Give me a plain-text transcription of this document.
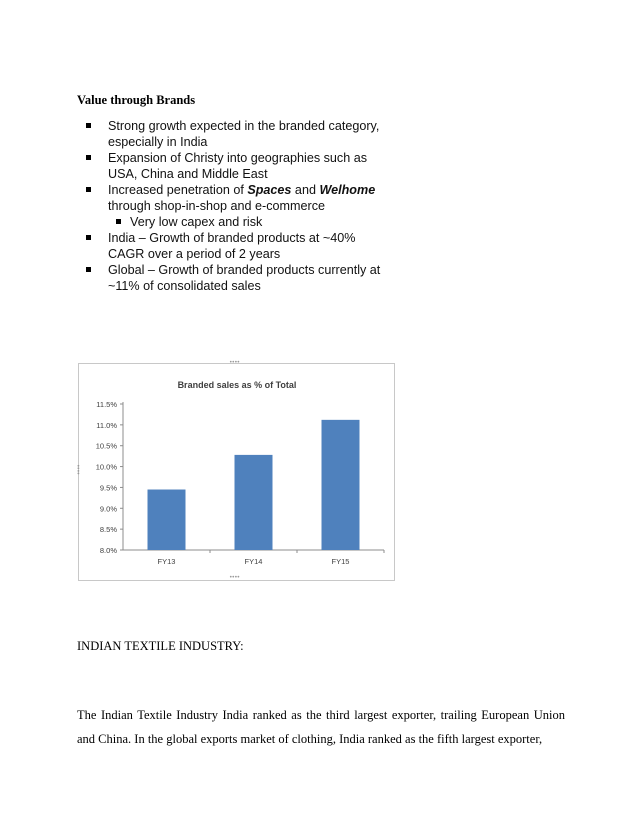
Value through Brands
Strong growth expected in the branded category, especially in India
Expansion of Christy into geographies such as USA, China and Middle East
Increased penetration of Spaces and Welhome through shop-in-shop and e-commerce
Very low capex and risk
India – Growth of branded products at ~40% CAGR over a period of 2 years
Global – Growth of branded products currently at ~11% of consolidated sales
••••
••••
••••
Branded sales as % of Total
8.0%
8.5%
9.0%
9.5%
10.0%
10.5%
11.0%
11.5%
FY13	FY14	FY15
INDIAN TEXTILE INDUSTRY:

The Indian Textile Industry India ranked as the third largest exporter, trailing European Union and China. In the global exports market of clothing, India ranked as the fifth largest exporter,
